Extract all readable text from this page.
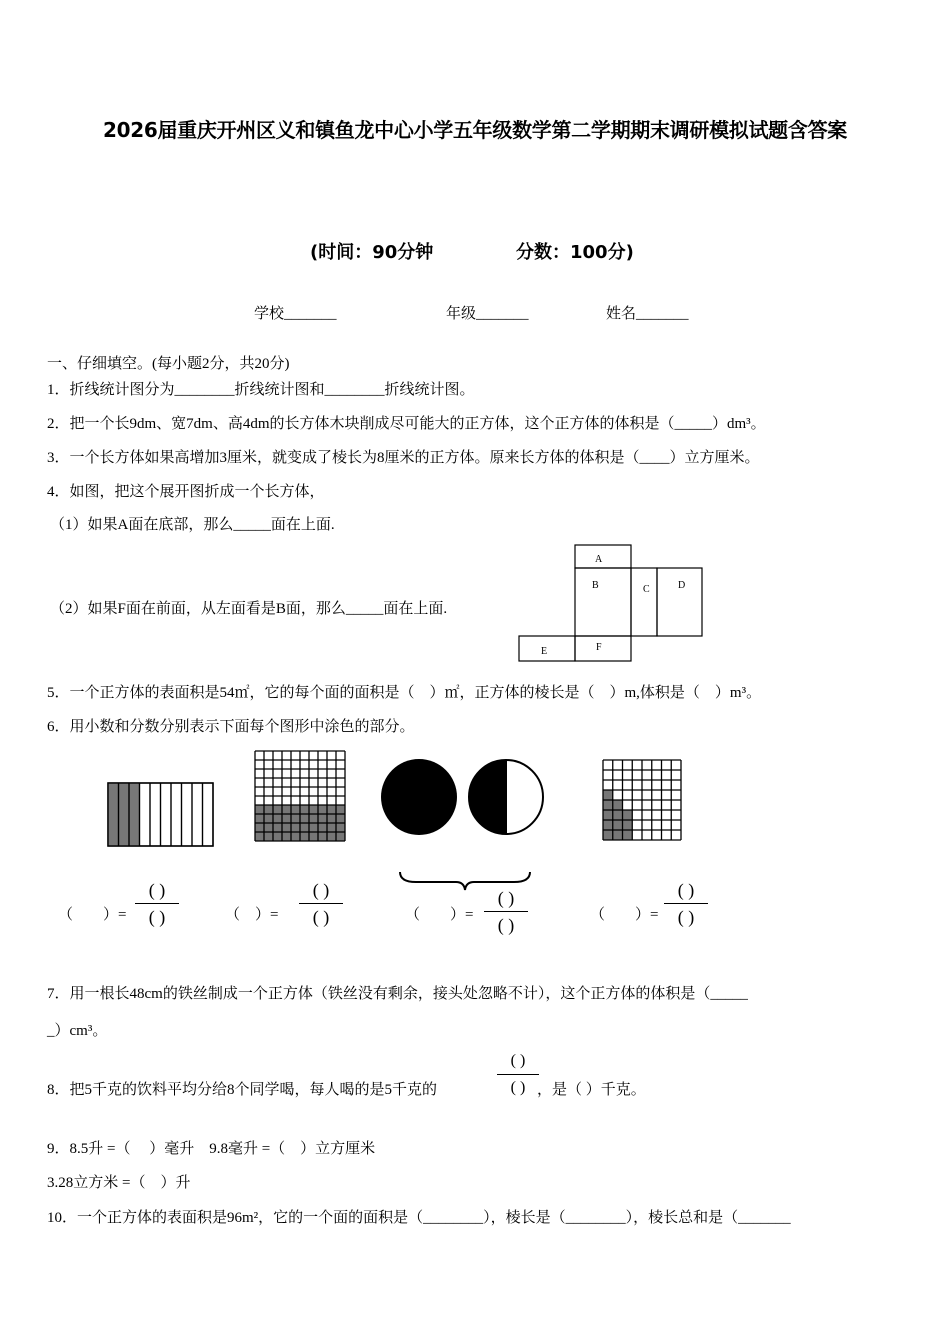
2026届重庆开州区义和镇鱼龙中心小学五年级数学第二学期期末调研模拟试题含答案
(时间：90分钟	分数：100分)
学校_______	年级_______	姓名_______
一、仔细填空。(每小题2分，共20分)
1．折线统计图分为________折线统计图和________折线统计图。
2．把一个长9dm、宽7dm、高4dm的长方体木块削成尽可能大的正方体，这个正方体的体积是（_____）dm³。
3．一个长方体如果高增加3厘米，就变成了棱长为8厘米的正方体。原来长方体的体积是（____）立方厘米。
4．如图，把这个展开图折成一个长方体，
（1）如果A面在底部，那么_____面在上面.
（2）如果F面在前面，从左面看是B面，那么_____面在上面.
A
B	C	D
E	F
5．一个正方体的表面积是54㎡，它的每个面的面积是（　）㎡，正方体的棱长是（　）m,体积是（　）m³。
6．用小数和分数分别表示下面每个图形中涂色的部分。
（　　）=
( )
( )	（　）=
( )
( )	（　　）=
( )
( )	（　　）=
( )
( )
7．用一根长48cm的铁丝制成一个正方体（铁丝没有剩余，接头处忽略不计），这个正方体的体积是（_____
_）cm³。
8．把5千克的饮料平均分给8个同学喝，每人喝的是5千克的
( )
( ) ，是（ ）千克。
9．8.5升 =（　 ）毫升　9.8毫升 =（　）立方厘米
3.28立方米 =（　）升
10．一个正方体的表面积是96m²，它的一个面的面积是（________），棱长是（________），棱长总和是（_______
